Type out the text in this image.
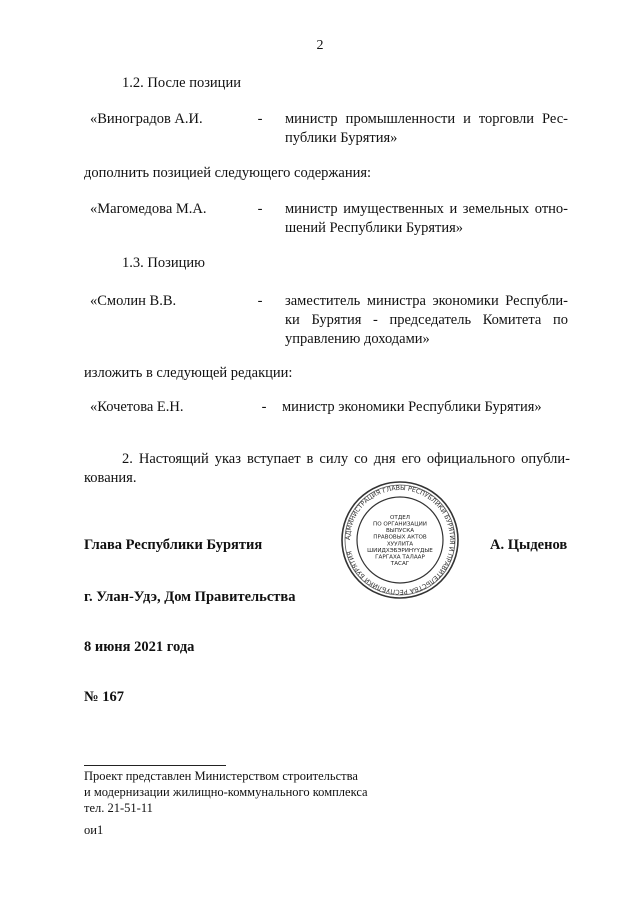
2
1.2. После позиции
«Виноградов А.И.	- министр промышленности и торговли Рес-
публики Бурятия»
дополнить позицией следующего содержания:
«Магомедова М.А.	- министр имущественных и земельных отно-
шений Республики Бурятия»
1.3. Позицию
«Смолин В.В.	- заместитель министра экономики Республи-
ки Бурятия - председатель Комитета по
управлению доходами»
изложить в следующей редакции:
«Кочетова Е.Н.	- министр экономики Республики Бурятия»
2. Настоящий указ вступает в силу со дня его официального опубли-
кования.
АДМИНИСТРАЦИЯ ГЛАВЫ РЕСПУБЛИКИ БУРЯТИЯ И ПРАВИТЕЛЬСТВА РЕСПУБЛИКИ БУРЯТИЯ
ОТДЕЛ
ПО ОРГАНИЗАЦИИ
ВЫПУСКА
ПРАВОВЫХ АКТОВ
ХУУЛИТА
ШИИДХЭБЭРИНҮҮДЫЕ
ГАРГАХА ТАЛААР
ТАСАГ
Глава Республики Бурятия	А. Цыденов
г. Улан-Удэ, Дом Правительства
8 июня 2021 года
№ 167
Проект представлен Министерством строительства
и модернизации жилищно-коммунального комплекса
тел. 21-51-11
ои1
